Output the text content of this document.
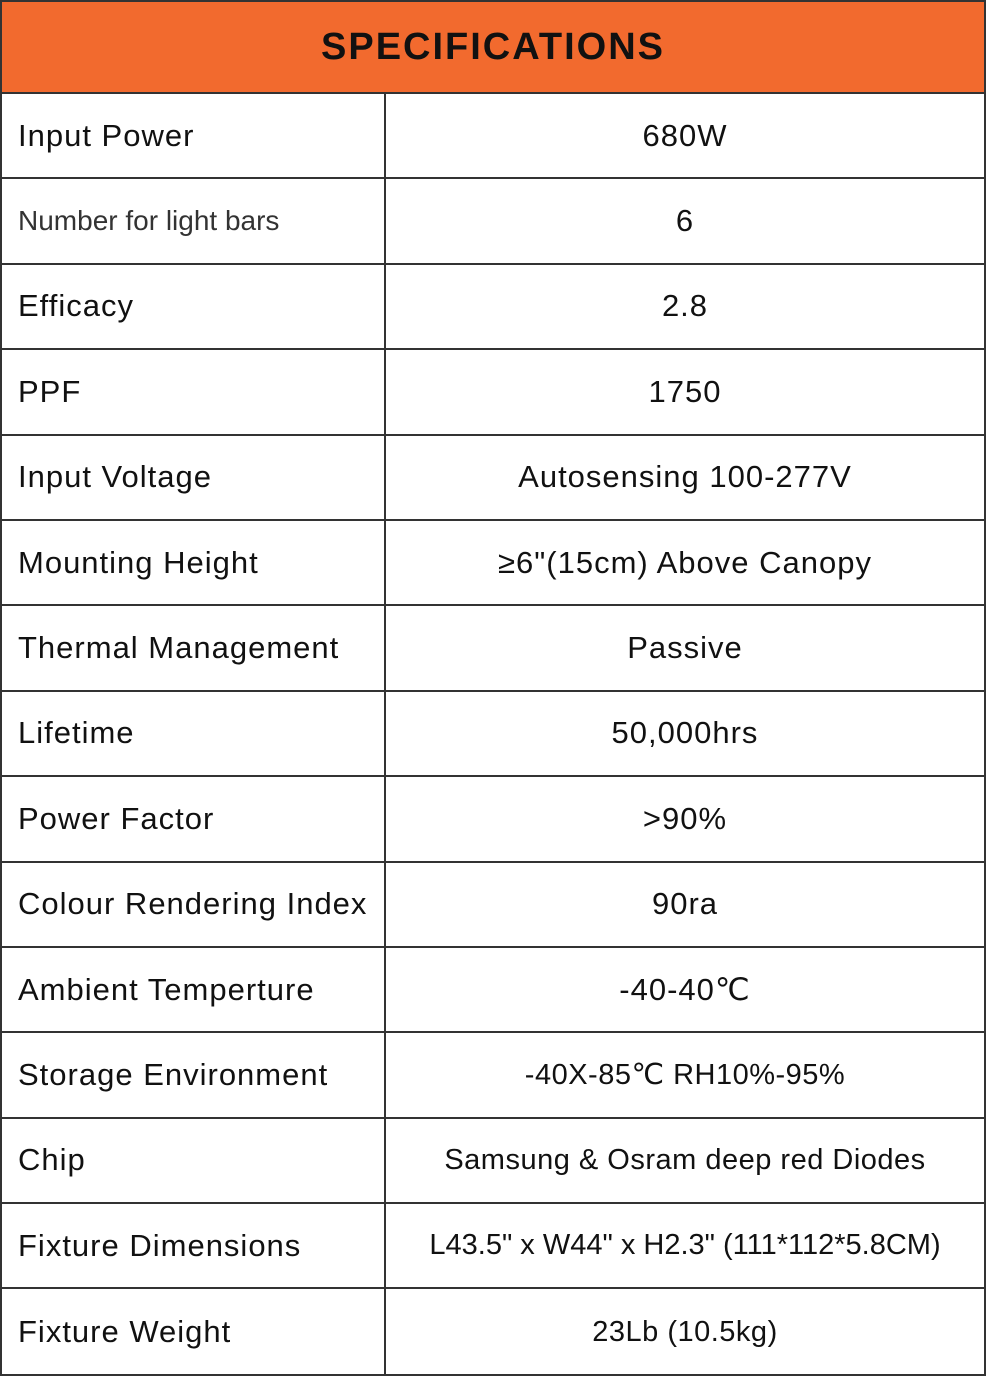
SPECIFICATIONS
Input Power	680W
Number for light bars	6
Efficacy	2.8
PPF	1750
Input Voltage	Autosensing 100-277V
Mounting Height	≥6"(15cm) Above Canopy
Thermal Management	Passive
Lifetime	50,000hrs
Power Factor	>90%
Colour Rendering Index	90ra
Ambient Temperture	-40-40℃
Storage Environment	-40X-85℃ RH10%-95%
Chip	Samsung & Osram deep red Diodes
Fixture Dimensions	L43.5" x W44" x H2.3" (111*112*5.8CM)
Fixture Weight	23Lb (10.5kg)
